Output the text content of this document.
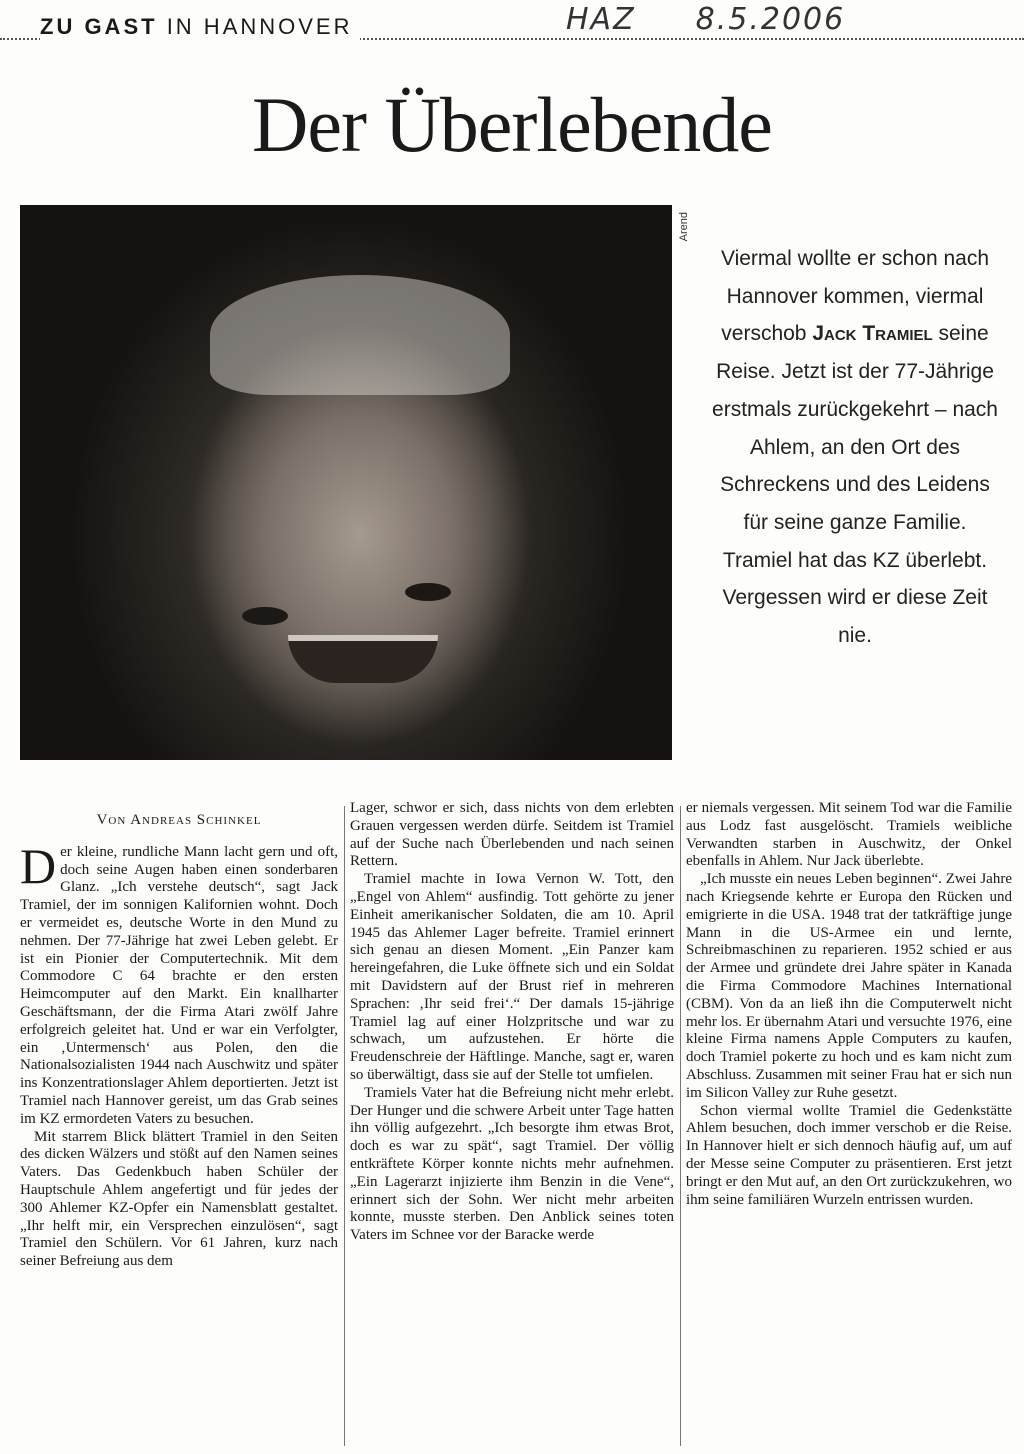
ZU GAST IN HANNOVER	HAZ 8.5.2006
Der Überlebende
Arend
Viermal wollte er schon nach Hannover kommen, viermal verschob Jack Tramiel seine Reise. Jetzt ist der 77-Jährige erstmals zurückgekehrt – nach Ahlem, an den Ort des Schreckens und des Leidens für seine ganze Familie. Tramiel hat das KZ überlebt. Vergessen wird er diese Zeit nie.
Von Andreas Schinkel

Der kleine, rundliche Mann lacht gern und oft, doch seine Augen haben einen sonderbaren Glanz. „Ich verstehe deutsch“, sagt Jack Tramiel, der im sonnigen Kalifornien wohnt. Doch er vermeidet es, deutsche Worte in den Mund zu nehmen. Der 77-Jährige hat zwei Leben gelebt. Er ist ein Pionier der Computertechnik. Mit dem Commodore C 64 brachte er den ersten Heimcomputer auf den Markt. Ein knallharter Geschäftsmann, der die Firma Atari zwölf Jahre erfolgreich geleitet hat. Und er war ein Verfolgter, ein ‚Untermensch‘ aus Polen, den die Nationalsozialisten 1944 nach Auschwitz und später ins Konzentrationslager Ahlem deportierten. Jetzt ist Tramiel nach Hannover gereist, um das Grab seines im KZ ermordeten Vaters zu besuchen.

Mit starrem Blick blättert Tramiel in den Seiten des dicken Wälzers und stößt auf den Namen seines Vaters. Das Gedenkbuch haben Schüler der Hauptschule Ahlem angefertigt und für jedes der 300 Ahlemer KZ-Opfer ein Namensblatt gestaltet. „Ihr helft mir, ein Versprechen einzulösen“, sagt Tramiel den Schülern. Vor 61 Jahren, kurz nach seiner Befreiung aus dem

Lager, schwor er sich, dass nichts von dem erlebten Grauen vergessen werden dürfe. Seitdem ist Tramiel auf der Suche nach Überlebenden und nach seinen Rettern.

Tramiel machte in Iowa Vernon W. Tott, den „Engel von Ahlem“ ausfindig. Tott gehörte zu jener Einheit amerikanischer Soldaten, die am 10. April 1945 das Ahlemer Lager befreite. Tramiel erinnert sich genau an diesen Moment. „Ein Panzer kam hereingefahren, die Luke öffnete sich und ein Soldat mit Davidstern auf der Brust rief in mehreren Sprachen: ‚Ihr seid frei‘.“ Der damals 15-jährige Tramiel lag auf einer Holzpritsche und war zu schwach, um aufzustehen. Er hörte die Freudenschreie der Häftlinge. Manche, sagt er, waren so überwältigt, dass sie auf der Stelle tot umfielen.

Tramiels Vater hat die Befreiung nicht mehr erlebt. Der Hunger und die schwere Arbeit unter Tage hatten ihn völlig aufgezehrt. „Ich besorgte ihm etwas Brot, doch es war zu spät“, sagt Tramiel. Der völlig entkräftete Körper konnte nichts mehr aufnehmen. „Ein Lagerarzt injizierte ihm Benzin in die Vene“, erinnert sich der Sohn. Wer nicht mehr arbeiten konnte, musste sterben. Den Anblick seines toten Vaters im Schnee vor der Baracke werde

er niemals vergessen. Mit seinem Tod war die Familie aus Lodz fast ausgelöscht. Tramiels weibliche Verwandten starben in Auschwitz, der Onkel ebenfalls in Ahlem. Nur Jack überlebte.

„Ich musste ein neues Leben beginnen“. Zwei Jahre nach Kriegsende kehrte er Europa den Rücken und emigrierte in die USA. 1948 trat der tatkräftige junge Mann in die US-Armee ein und lernte, Schreibmaschinen zu reparieren. 1952 schied er aus der Armee und gründete drei Jahre später in Kanada die Firma Commodore Machines International (CBM). Von da an ließ ihn die Computerwelt nicht mehr los. Er übernahm Atari und versuchte 1976, eine kleine Firma namens Apple Computers zu kaufen, doch Tramiel pokerte zu hoch und es kam nicht zum Abschluss. Zusammen mit seiner Frau hat er sich nun im Silicon Valley zur Ruhe gesetzt.

Schon viermal wollte Tramiel die Gedenkstätte Ahlem besuchen, doch immer verschob er die Reise. In Hannover hielt er sich dennoch häufig auf, um auf der Messe seine Computer zu präsentieren. Erst jetzt bringt er den Mut auf, an den Ort zurückzukehren, wo ihm seine familiären Wurzeln entrissen wurden.
